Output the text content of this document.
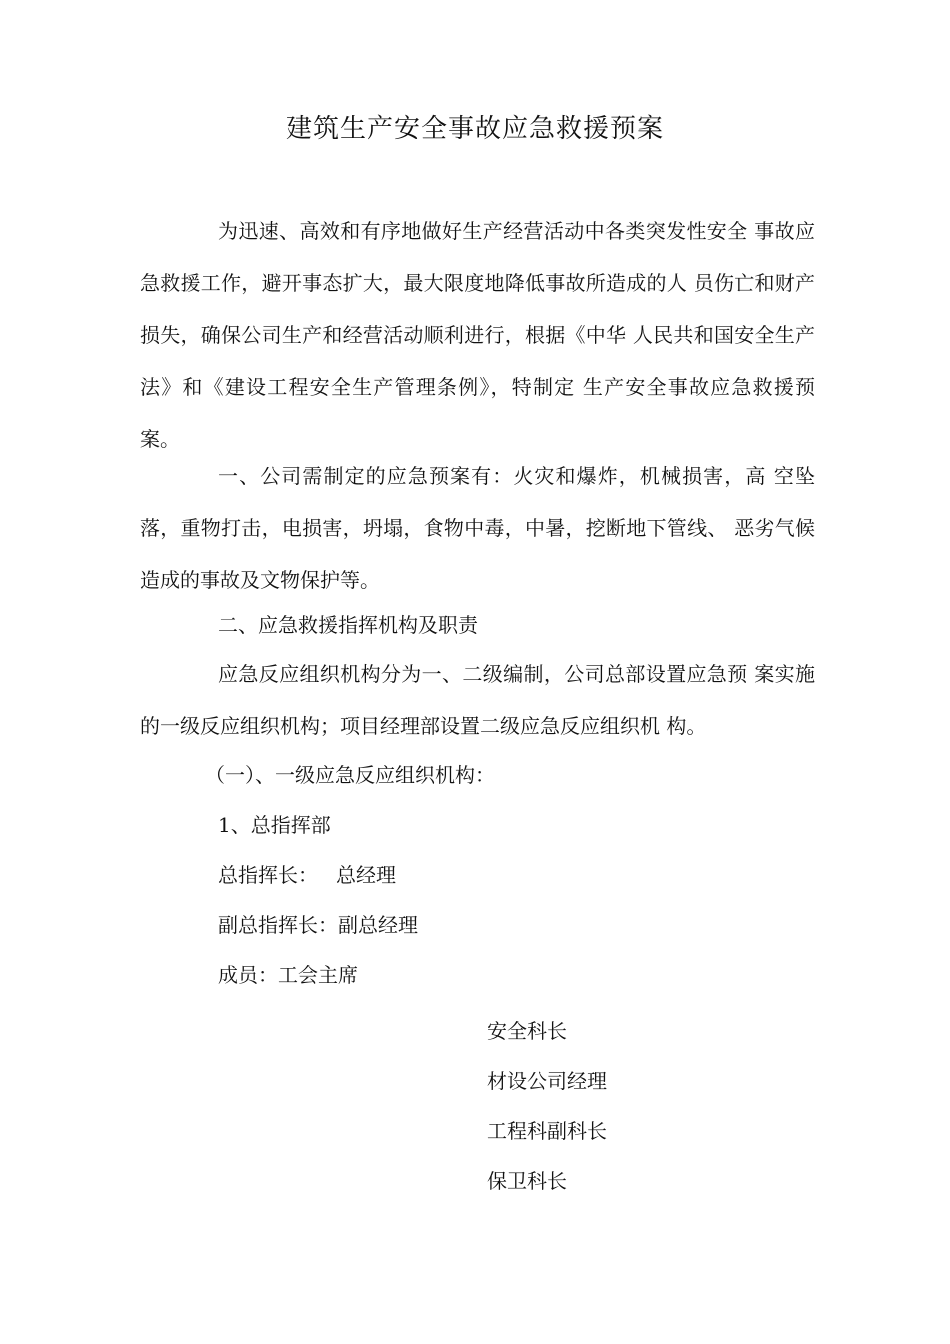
建筑生产安全事故应急救援预案

为迅速、高效和有序地做好生产经营活动中各类突发性安全 事故应急救援工作，避开事态扩大，最大限度地降低事故所造成的人 员伤亡和财产损失，确保公司生产和经营活动顺利进行，根据《中华 人民共和国安全生产法》和《建设工程安全生产管理条例》，特制定 生产安全事故应急救援预案。

一、公司需制定的应急预案有：火灾和爆炸，机械损害，高 空坠落，重物打击，电损害，坍塌，食物中毒，中暑，挖断地下管线、 恶劣气候造成的事故及文物保护等。

二、应急救援指挥机构及职责

应急反应组织机构分为一、二级编制，公司总部设置应急预 案实施的一级反应组织机构；项目经理部设置二级应急反应组织机 构。

（一）、一级应急反应组织机构：
1、总指挥部
总指挥长： 总经理
副总指挥长：副总经理
成员：工会主席
安全科长
材设公司经理
工程科副科长
保卫科长
